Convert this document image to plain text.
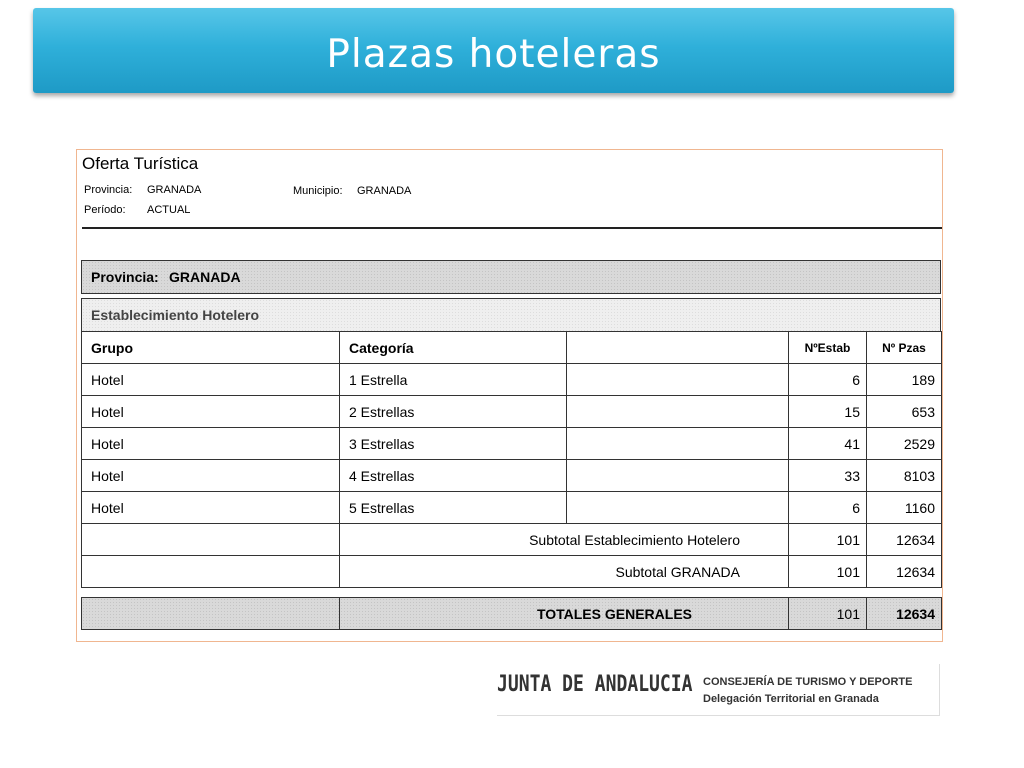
Plazas hoteleras
Oferta Turística
Provincia: GRANADA
Período: ACTUAL
Municipio: GRANADA
Provincia: GRANADA
Establecimiento Hotelero
Grupo	Categoría		NºEstab	Nº Pzas
Hotel	1 Estrella		6	189
Hotel	2 Estrellas		15	653
Hotel	3 Estrellas		41	2529
Hotel	4 Estrellas		33	8103
Hotel	5 Estrellas		6	1160
	Subtotal Establecimiento Hotelero		101	12634
	Subtotal GRANADA		101	12634

	TOTALES GENERALES		101	12634
JUNTA DE ANDALUCIA CONSEJERÍA DE TURISMO Y DEPORTE
Delegación Territorial en Granada
